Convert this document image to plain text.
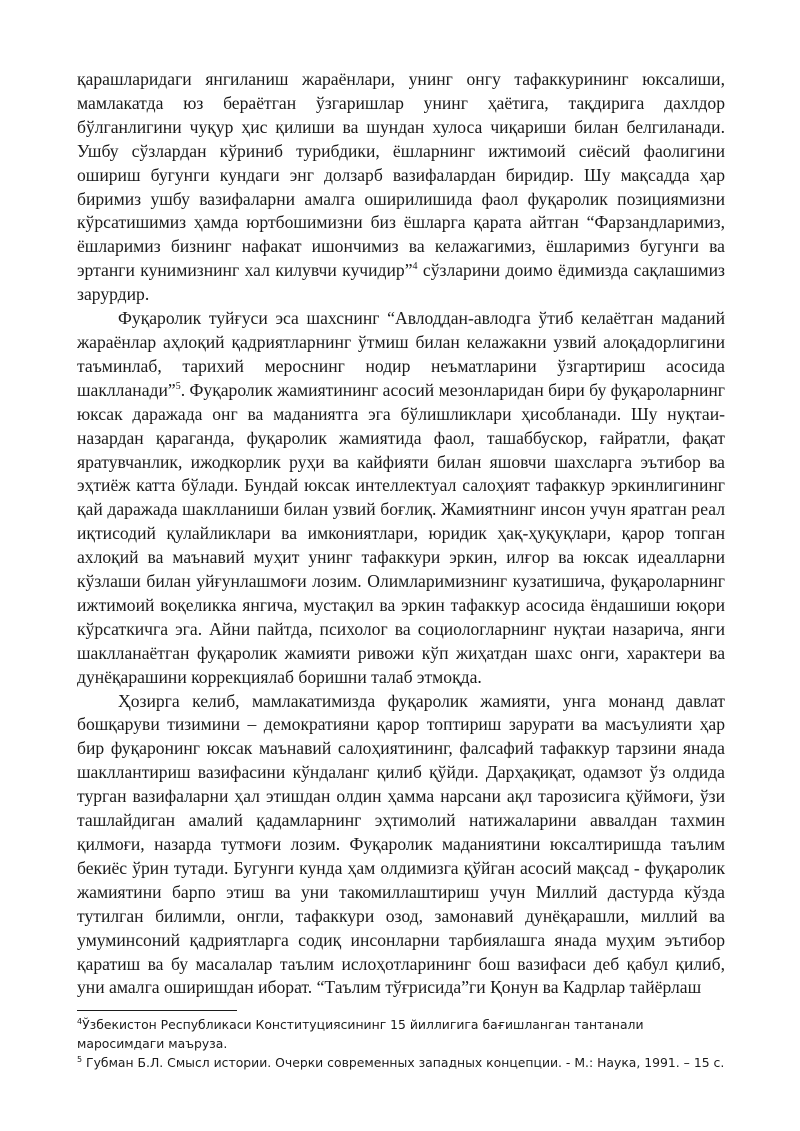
қарашларидаги янгиланиш жараёнлари, унинг онгу тафаккурининг юксалиши, мамлакатда юз бераётган ўзгаришлар унинг ҳаётига, тақдирига дахлдор бўлганлигини чуқур ҳис қилиши ва шундан хулоса чиқариши билан белгиланади. Ушбу сўзлардан кўриниб турибдики, ёшларнинг ижтимоий сиёсий фаолигини ошириш бугунги кундаги энг долзарб вазифалардан биридир. Шу мақсадда ҳар биримиз ушбу вазифаларни амалга оширилишида фаол фуқаролик позициямизни кўрсатишимиз ҳамда юртбошимизни биз ёшларга қарата айтган “Фарзандларимиз, ёшларимиз бизнинг нафакат ишончимиз ва келажагимиз, ёшларимиз бугунги ва эртанги кунимизнинг хал килувчи кучидир”$^4$ сўзларини доимо ёдимизда сақлашимиз зарурдир.

Фуқаролик туйғуси эса шахснинг “Авлоддан-авлодга ўтиб келаётган маданий жараёнлар аҳлоқий қадриятларнинг ўтмиш билан келажакни узвий алоқадорлигини таъминлаб, тарихий мероснинг нодир неъматларини ўзгартириш асосида шаклланади”$^5$. Фуқаролик жамиятининг асосий мезонларидан бири бу фуқароларнинг юксак даражада онг ва маданиятга эга бўлишликлари ҳисобланади. Шу нуқтаи-назардан қараганда, фуқаролик жамиятида фаол, ташаббускор, ғайратли, фақат яратувчанлик, ижодкорлик руҳи ва кайфияти билан яшовчи шахсларга эътибор ва эҳтиёж катта бўлади. Бундай юксак интеллектуал салоҳият тафаккур эркинлигининг қай даражада шаклланиши билан узвий боғлиқ. Жамиятнинг инсон учун яратган реал иқтисодий қулайликлари ва имкониятлари, юридик ҳақ-ҳуқуқлари, қарор топган ахлоқий ва маънавий муҳит унинг тафаккури эркин, илғор ва юксак идеалларни кўзлаши билан уйғунлашмоғи лозим. Олимларимизнинг кузатишича, фуқароларнинг ижтимоий воқеликка янгича, мустақил ва эркин тафаккур асосида ёндашиши юқори кўрсаткичга эга. Айни пайтда, психолог ва социологларнинг нуқтаи назарича, янги шаклланаётган фуқаролик жамияти ривожи кўп жиҳатдан шахс онги, характери ва дунёқарашини коррекциялаб боришни талаб этмоқда.

Ҳозирга келиб, мамлакатимизда фуқаролик жамияти, унга монанд давлат бошқаруви тизимини – демократияни қарор топтириш зарурати ва масъулияти ҳар бир фуқаронинг юксак маънавий салоҳиятининг, фалсафий тафаккур тарзини янада шакллантириш вазифасини кўндаланг қилиб қўйди. Дарҳақиқат, одамзот ўз олдида турган вазифаларни ҳал этишдан олдин ҳамма нарсани ақл тарозисига қўймоғи, ўзи ташлайдиган амалий қадамларнинг эҳтимолий натижаларини аввалдан тахмин қилмоғи, назарда тутмоғи лозим. Фуқаролик маданиятини юксалтиришда таълим бекиёс ўрин тутади. Бугунги кунда ҳам олдимизга қўйган асосий мақсад - фуқаролик жамиятини барпо этиш ва уни такомиллаштириш учун Миллий дастурда кўзда тутилган билимли, онгли, тафаккури озод, замонавий дунёқарашли, миллий ва умуминсоний қадриятларга содиқ инсонларни тарбиялашга янада муҳим эътибор қаратиш ва бу масалалар таълим ислоҳотларининг бош вазифаси деб қабул қилиб, уни амалга оширишдан иборат. “Таълим тўғрисида”ги Қонун ва Кадрлар тайёрлаш

$^4$Ўзбекистон Республикаси Конституциясининг 15 йиллигига бағишланган тантанали маросимдаги маъруза.

$^5$ Губман Б.Л. Смысл истории. Очерки современных западных концепции. - М.: Наука, 1991. – 15 с.
